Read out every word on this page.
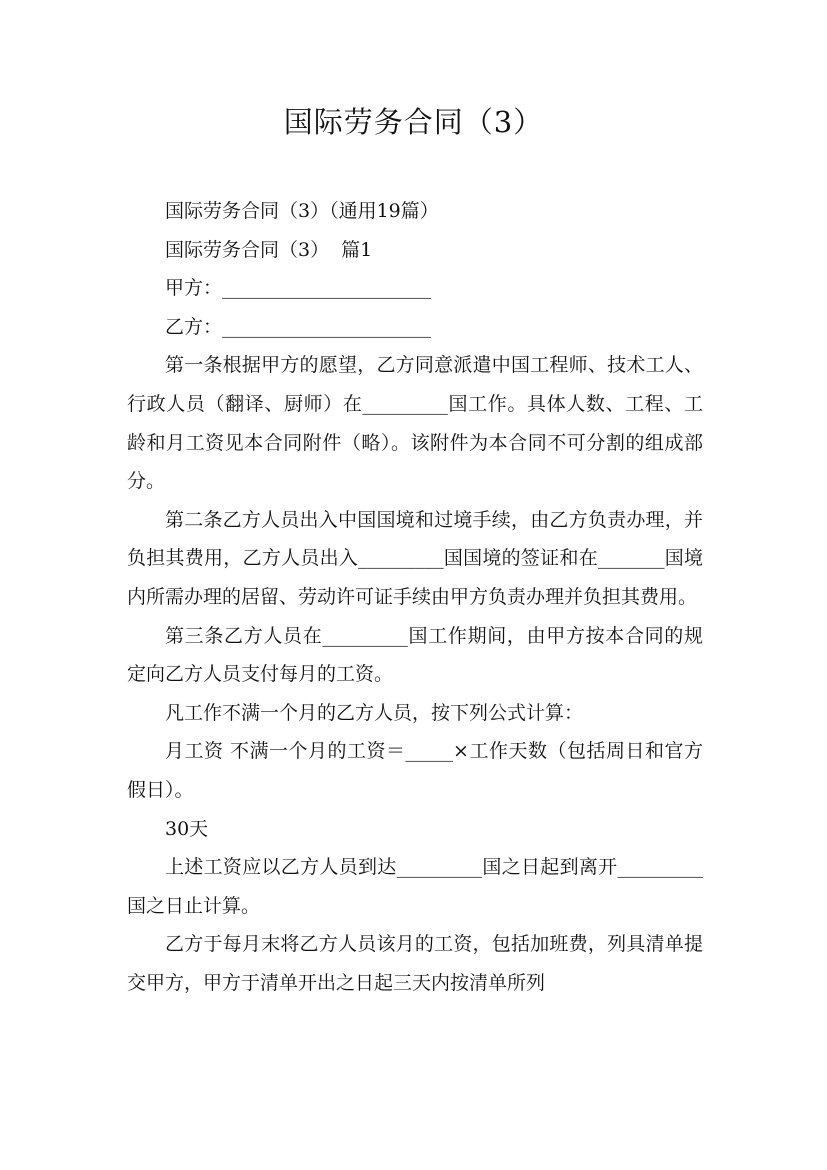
国际劳务合同（3）

国际劳务合同（3）（通用19篇）

国际劳务合同（3）  篇1

甲方：______________________

乙方：______________________

第一条根据甲方的愿望，乙方同意派遣中国工程师、技术工人、行政人员（翻译、厨师）在_________国工作。具体人数、工程、工龄和月工资见本合同附件（略）。该附件为本合同不可分割的组成部分。

第二条乙方人员出入中国国境和过境手续，由乙方负责办理，并负担其费用，乙方人员出入_________国国境的签证和在_______国境内所需办理的居留、劳动许可证手续由甲方负责办理并负担其费用。

第三条乙方人员在_________国工作期间，由甲方按本合同的规定向乙方人员支付每月的工资。

凡工作不满一个月的乙方人员，按下列公式计算：

月工资 不满一个月的工资＝_____×工作天数（包括周日和官方假日）。

30天

上述工资应以乙方人员到达_________国之日起到离开_________国之日止计算。

乙方于每月末将乙方人员该月的工资，包括加班费，列具清单提交甲方，甲方于清单开出之日起三天内按清单所列
